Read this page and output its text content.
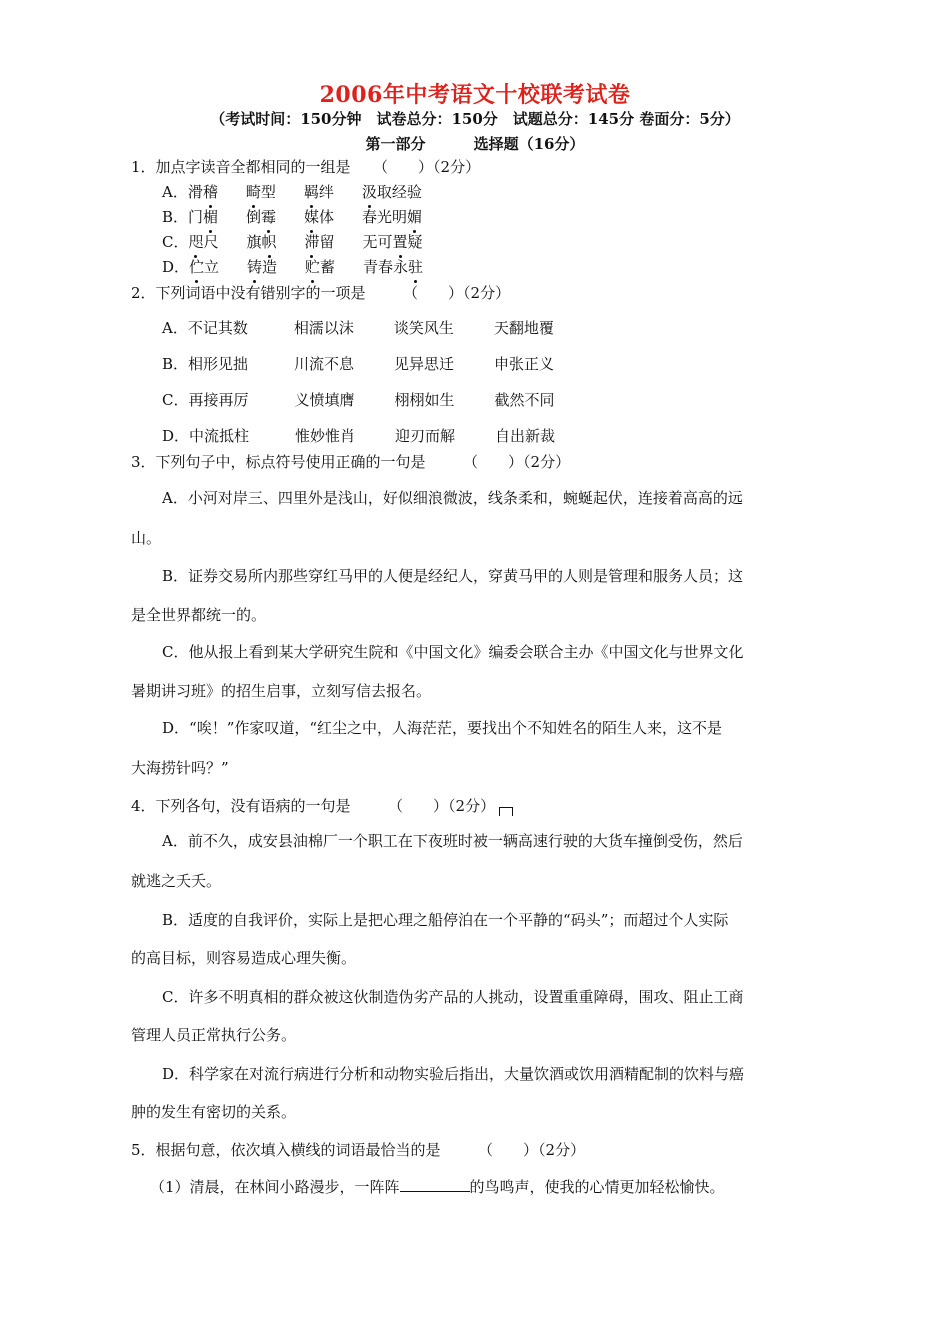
2006年中考语文十校联考试卷
（考试时间：150分钟　试卷总分：150分　试题总分：145分 卷面分：5分）
第一部分	选择题（16分）
1．加点字读音全都相同的一组是　　（　　）（2分）
A．滑稽 畸型 羁绊 汲取经验
B．门楣 倒霉 媒体 春光明媚
C．咫尺 旗帜 滞留 无可置疑
D．伫立 铸造 贮蓄 青春永驻
2．下列词语中没有错别字的一项是　　　（　　）（2分）
A．不记其数	相濡以沫	谈笑风生	天翻地覆
B．相形见拙	川流不息	见异思迁	申张正义
C．再接再厉	义愤填膺	栩栩如生	截然不同
D．中流抵柱	惟妙惟肖	迎刃而解	自出新裁
3．下列句子中，标点符号使用正确的一句是　　　（　　）（2分）
A．小河对岸三、四里外是浅山，好似细浪微波，线条柔和，蜿蜒起伏，连接着高高的远
山。
B．证券交易所内那些穿红马甲的人便是经纪人，穿黄马甲的人则是管理和服务人员；这
是全世界都统一的。
C．他从报上看到某大学研究生院和《中国文化》编委会联合主办《中国文化与世界文化
暑期讲习班》的招生启事，立刻写信去报名。
D．“唉！”作家叹道，“红尘之中，人海茫茫，要找出个不知姓名的陌生人来，这不是
大海捞针吗？”
4．下列各句，没有语病的一句是　　　（　　）（2分）
A．前不久，成安县油棉厂一个职工在下夜班时被一辆高速行驶的大货车撞倒受伤，然后
就逃之夭夭。
B．适度的自我评价，实际上是把心理之船停泊在一个平静的“码头”；而超过个人实际
的高目标，则容易造成心理失衡。
C．许多不明真相的群众被这伙制造伪劣产品的人挑动，设置重重障碍，围攻、阻止工商
管理人员正常执行公务。
D．科学家在对流行病进行分析和动物实验后指出，大量饮酒或饮用酒精配制的饮料与癌
肿的发生有密切的关系。
5．根据句意，依次填入横线的词语最恰当的是　　　（　　）（2分）
（1）清晨，在林间小路漫步，一阵阵	的鸟鸣声，使我的心情更加轻松愉快。
